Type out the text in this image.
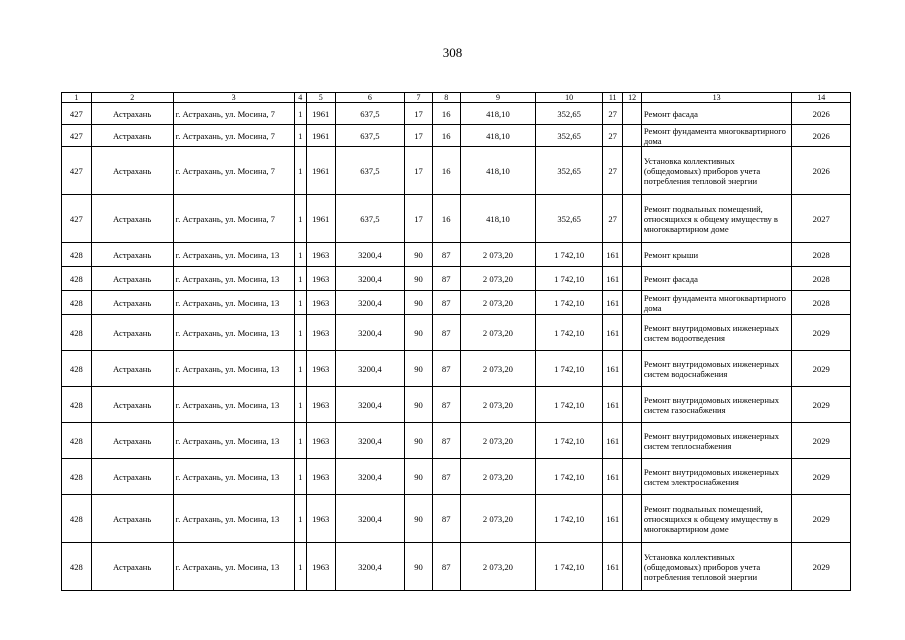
308
1	2	3	4	5	6	7	8	9	10	11	12	13	14
427	Астрахань	г. Астрахань, ул. Мосина, 7	1	1961	637,5	17	16	418,10	352,65	27		Ремонт фасада	2026
427	Астрахань	г. Астрахань, ул. Мосина, 7	1	1961	637,5	17	16	418,10	352,65	27		Ремонт фундамента многоквартирного дома	2026
427	Астрахань	г. Астрахань, ул. Мосина, 7	1	1961	637,5	17	16	418,10	352,65	27		Установка коллективных (общедомовых) приборов учета потребления тепловой энергии	2026
427	Астрахань	г. Астрахань, ул. Мосина, 7	1	1961	637,5	17	16	418,10	352,65	27		Ремонт подвальных помещений, относящихся к общему имуществу в многоквартирном доме	2027
428	Астрахань	г. Астрахань, ул. Мосина, 13	1	1963	3200,4	90	87	2 073,20	1 742,10	161		Ремонт крыши	2028
428	Астрахань	г. Астрахань, ул. Мосина, 13	1	1963	3200,4	90	87	2 073,20	1 742,10	161		Ремонт фасада	2028
428	Астрахань	г. Астрахань, ул. Мосина, 13	1	1963	3200,4	90	87	2 073,20	1 742,10	161		Ремонт фундамента многоквартирного дома	2028
428	Астрахань	г. Астрахань, ул. Мосина, 13	1	1963	3200,4	90	87	2 073,20	1 742,10	161		Ремонт внутридомовых инженерных систем водоотведения	2029
428	Астрахань	г. Астрахань, ул. Мосина, 13	1	1963	3200,4	90	87	2 073,20	1 742,10	161		Ремонт внутридомовых инженерных систем водоснабжения	2029
428	Астрахань	г. Астрахань, ул. Мосина, 13	1	1963	3200,4	90	87	2 073,20	1 742,10	161		Ремонт внутридомовых инженерных систем газоснабжения	2029
428	Астрахань	г. Астрахань, ул. Мосина, 13	1	1963	3200,4	90	87	2 073,20	1 742,10	161		Ремонт внутридомовых инженерных систем теплоснабжения	2029
428	Астрахань	г. Астрахань, ул. Мосина, 13	1	1963	3200,4	90	87	2 073,20	1 742,10	161		Ремонт внутридомовых инженерных систем электроснабжения	2029
428	Астрахань	г. Астрахань, ул. Мосина, 13	1	1963	3200,4	90	87	2 073,20	1 742,10	161		Ремонт подвальных помещений, относящихся к общему имуществу в многоквартирном доме	2029
428	Астрахань	г. Астрахань, ул. Мосина, 13	1	1963	3200,4	90	87	2 073,20	1 742,10	161		Установка коллективных (общедомовых) приборов учета потребления тепловой энергии	2029
